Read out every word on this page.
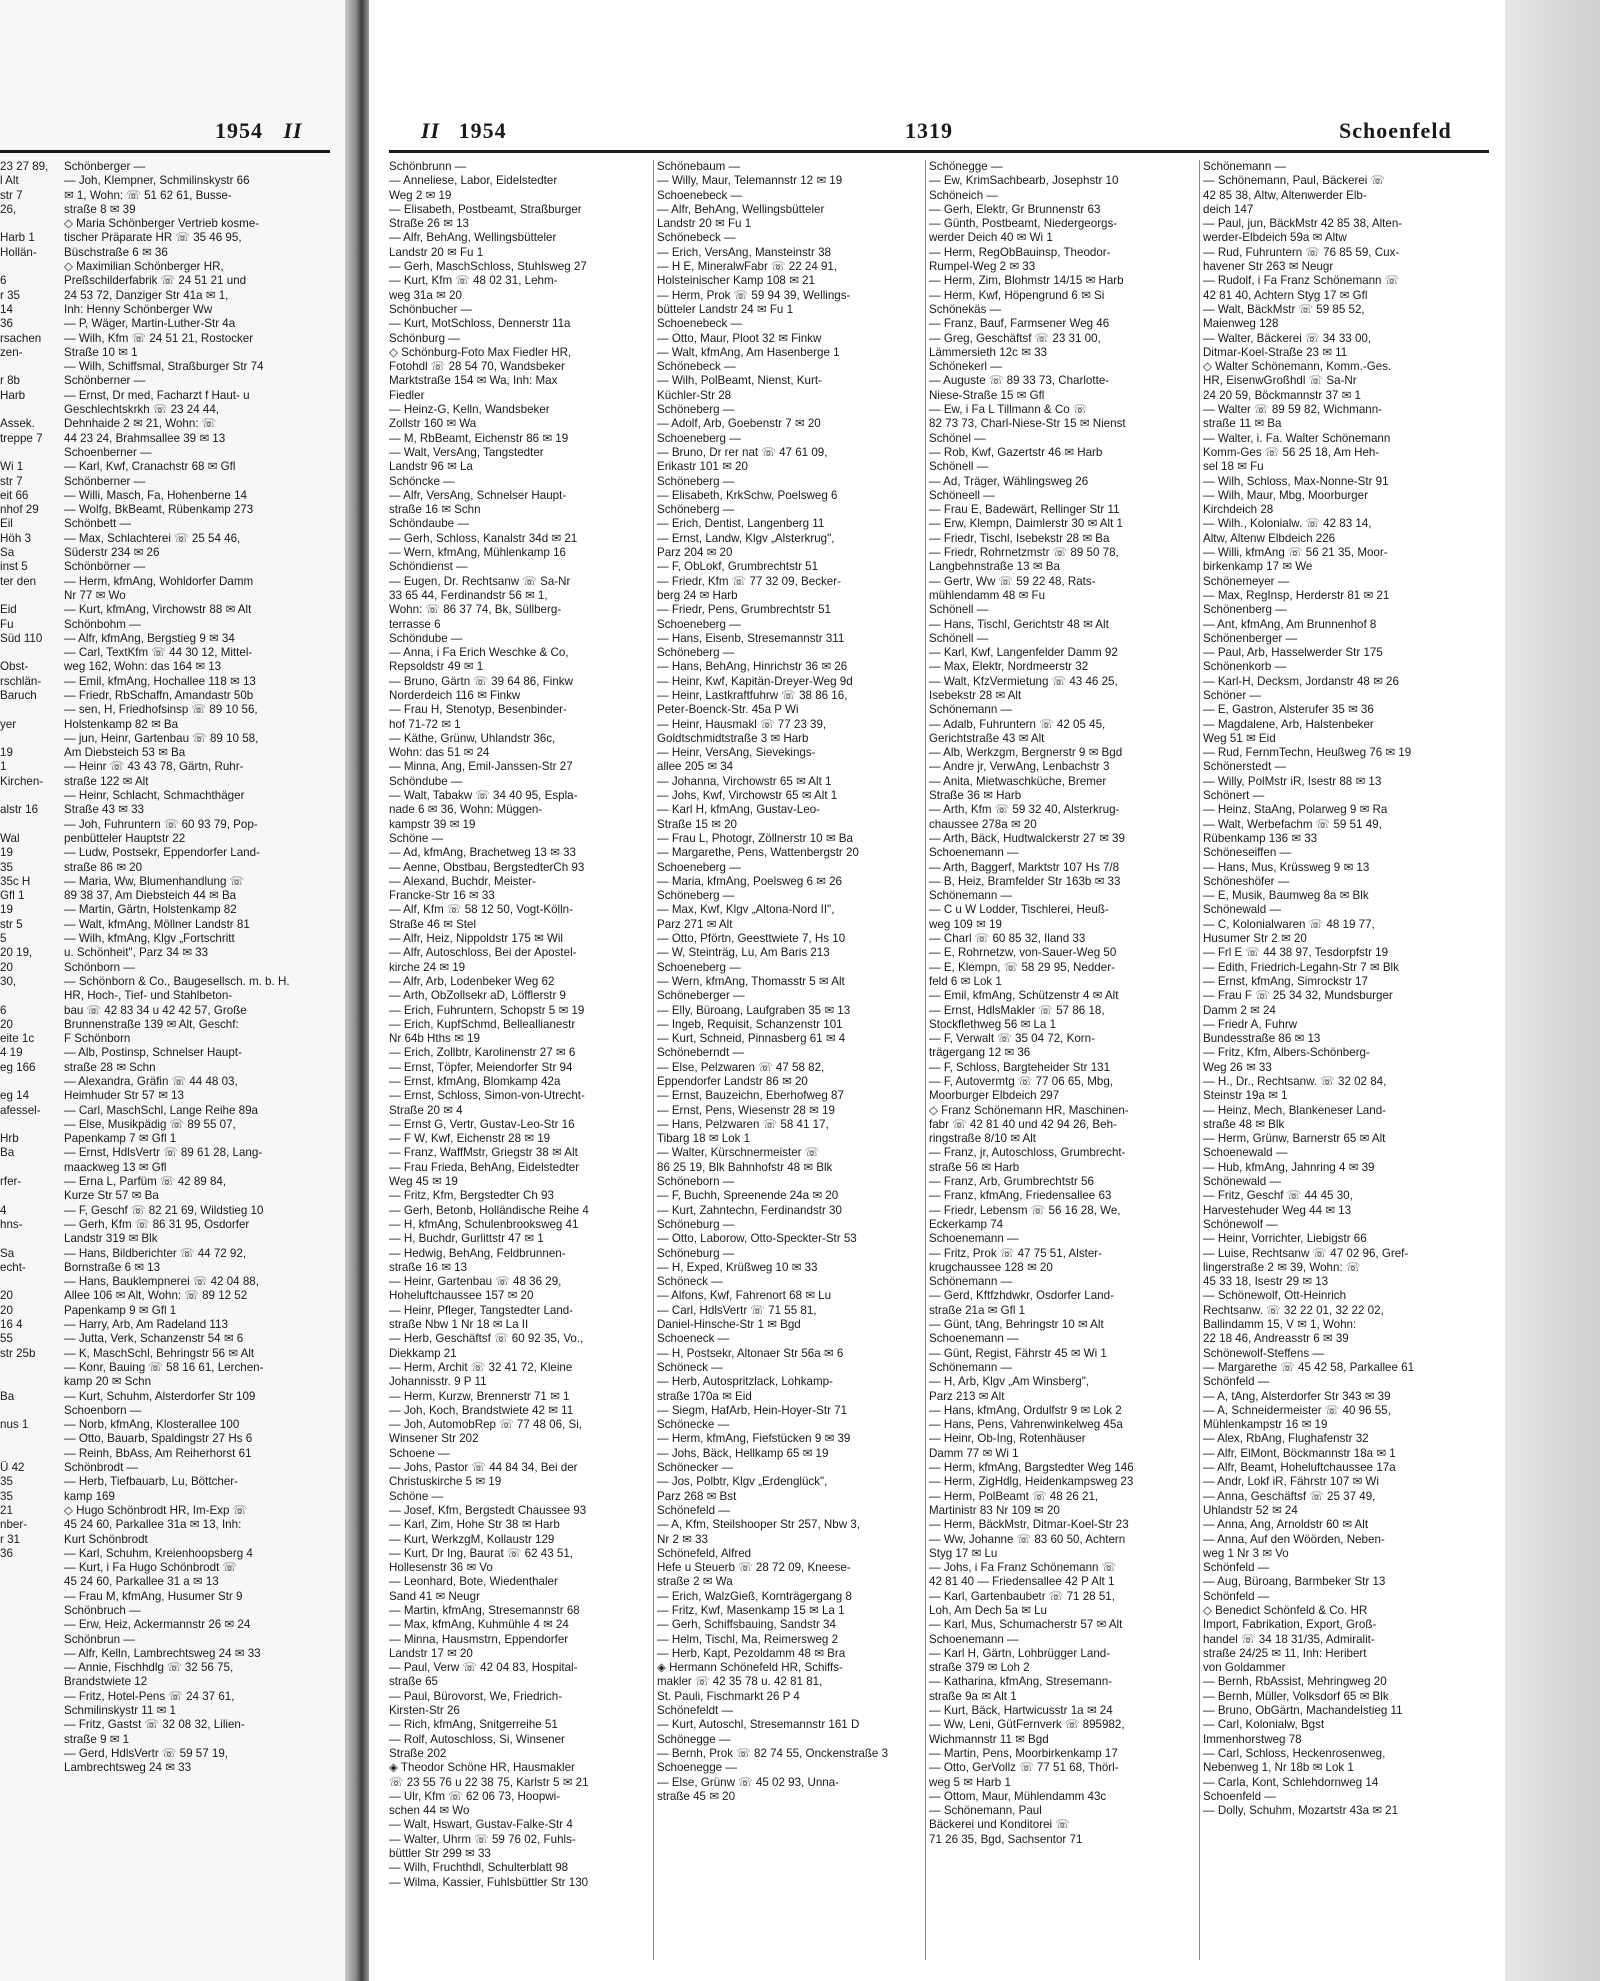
1954 II
23 27 89,
l Alt
str 7
26,

Harb 1
Hollän-

6
r 35
14
36
rsachen
zen-

r 8b
Harb

Assek.
treppe 7

Wi 1
str 7
eit 66
nhof 29
Eil
Höh 3
Sa
inst 5
ter den

Eid
Fu
Süd 110

Obst-
rschlän-
Baruch

yer

19
1
Kirchen-

alstr 16

Wal
19
35
35c H
Gfl 1
19
str 5
5
20 19,
20
30,

6
20
eite 1c
4 19
eg 166

eg 14
afessel-

Hrb
Ba

rfer-

4
hns-

Sa
echt-

20
20
16 4
55
str 25b

Ba

nus 1

Ü 42
35
35
21
nber-
r 31
36
Schönberger —
— Joh, Klempner, Schmilinskystr 66
✉ 1, Wohn: ☏ 51 62 61, Busse-
straße 8 ✉ 39
◇ Maria Schönberger Vertrieb kosme-
tischer Präparate HR ☏ 35 46 95,
Büschstraße 6 ✉ 36
◇ Maximilian Schönberger HR,
Preßschilderfabrik ☏ 24 51 21 und
24 53 72, Danziger Str 41a ✉ 1,
Inh: Henny Schönberger Ww
— P, Wäger, Martin-Luther-Str 4a
— Wilh, Kfm ☏ 24 51 21, Rostocker
Straße 10 ✉ 1
— Wilh, Schiffsmal, Straßburger Str 74
Schönberner —
— Ernst, Dr med, Facharzt f Haut- u
Geschlechtskrkh ☏ 23 24 44,
Dehnhaide 2 ✉ 21, Wohn: ☏
44 23 24, Brahmsallee 39 ✉ 13
Schoenberner —
— Karl, Kwf, Cranachstr 68 ✉ Gfl
Schönberner —
— Willi, Masch, Fa, Hohenberne 14
— Wolfg, BkBeamt, Rübenkamp 273
Schönbett —
— Max, Schlachterei ☏ 25 54 46,
Süderstr 234 ✉ 26
Schönbörner —
— Herm, kfmAng, Wohldorfer Damm
Nr 77 ✉ Wo
— Kurt, kfmAng, Virchowstr 88 ✉ Alt
Schönbohm —
— Alfr, kfmAng, Bergstieg 9 ✉ 34
— Carl, TextKfm ☏ 44 30 12, Mittel-
weg 162, Wohn: das 164 ✉ 13
— Emil, kfmAng, Hochallee 118 ✉ 13
— Friedr, RbSchaffn, Amandastr 50b
— sen, H, Friedhofsinsp ☏ 89 10 56,
Holstenkamp 82 ✉ Ba
— jun, Heinr, Gartenbau ☏ 89 10 58,
Am Diebsteich 53 ✉ Ba
— Heinr ☏ 43 43 78, Gärtn, Ruhr-
straße 122 ✉ Alt
— Heinr, Schlacht, Schmachthäger
Straße 43 ✉ 33
— Joh, Fuhruntern ☏ 60 93 79, Pop-
penbütteler Hauptstr 22
— Ludw, Postsekr, Eppendorfer Land-
straße 86 ✉ 20
— Maria, Ww, Blumenhandlung ☏
89 38 37, Am Diebsteich 44 ✉ Ba
— Martin, Gärtn, Holstenkamp 82
— Walt, kfmAng, Möllner Landstr 81
— Wilh, kfmAng, Klgv „Fortschritt
u. Schönheit", Parz 34 ✉ 33
Schönborn —
— Schönborn & Co., Baugesellsch. m. b. H.
HR, Hoch-, Tief- und Stahlbeton-
bau ☏ 42 83 34 u 42 42 57, Große
Brunnenstraße 139 ✉ Alt, Geschf:
F Schönborn
— Alb, Postinsp, Schnelser Haupt-
straße 28 ✉ Schn
— Alexandra, Gräfin ☏ 44 48 03,
Heimhuder Str 57 ✉ 13
— Carl, MaschSchl, Lange Reihe 89a
— Else, Musikpädig ☏ 89 55 07,
Papenkamp 7 ✉ Gfl 1
— Ernst, HdlsVertr ☏ 89 61 28, Lang-
maackweg 13 ✉ Gfl
— Erna L, Parfüm ☏ 42 89 84,
Kurze Str 57 ✉ Ba
— F, Geschf ☏ 82 21 69, Wildstieg 10
— Gerh, Kfm ☏ 86 31 95, Osdorfer
Landstr 319 ✉ Blk
— Hans, Bildberichter ☏ 44 72 92,
Bornstraße 6 ✉ 13
— Hans, Bauklempnerei ☏ 42 04 88,
Allee 106 ✉ Alt, Wohn: ☏ 89 12 52
Papenkamp 9 ✉ Gfl 1
— Harry, Arb, Am Radeland 113
— Jutta, Verk, Schanzenstr 54 ✉ 6
— K, MaschSchl, Behringstr 56 ✉ Alt
— Konr, Bauing ☏ 58 16 61, Lerchen-
kamp 20 ✉ Schn
— Kurt, Schuhm, Alsterdorfer Str 109
Schoenborn —
— Norb, kfmAng, Klosterallee 100
— Otto, Bauarb, Spaldingstr 27 Hs 6
— Reinh, BbAss, Am Reiherhorst 61
Schönbrodt —
— Herb, Tiefbauarb, Lu, Böttcher-
kamp 169
◇ Hugo Schönbrodt HR, Im-Exp ☏
45 24 60, Parkallee 31a ✉ 13, Inh:
Kurt Schönbrodt
— Karl, Schuhm, Kreienhoopsberg 4
— Kurt, i Fa Hugo Schönbrodt ☏
45 24 60, Parkallee 31 a ✉ 13
— Frau M, kfmAng, Husumer Str 9
Schönbruch —
— Erw, Heiz, Ackermannstr 26 ✉ 24
Schönbrun —
— Alfr, Kelln, Lambrechtsweg 24 ✉ 33
— Annie, Fischhdlg ☏ 32 56 75,
Brandstwiete 12
— Fritz, Hotel-Pens ☏ 24 37 61,
Schmilinskystr 11 ✉ 1
— Fritz, Gastst ☏ 32 08 32, Lilien-
straße 9 ✉ 1
— Gerd, HdlsVertr ☏ 59 57 19,
Lambrechtsweg 24 ✉ 33
II 1954	1319	Schoenfeld
Schönbrunn —
— Anneliese, Labor, Eidelstedter
Weg 2 ✉ 19
— Elisabeth, Postbeamt, Straßburger
Straße 26 ✉ 13
— Alfr, BehAng, Wellingsbütteler
Landstr 20 ✉ Fu 1
— Gerh, MaschSchloss, Stuhlsweg 27
— Kurt, Kfm ☏ 48 02 31, Lehm-
weg 31a ✉ 20
Schönbucher —
— Kurt, MotSchloss, Dennerstr 11a
Schönburg —
◇ Schönburg-Foto Max Fiedler HR,
Fotohdl ☏ 28 54 70, Wandsbeker
Marktstraße 154 ✉ Wa, Inh: Max
Fiedler
— Heinz-G, Kelln, Wandsbeker
Zollstr 160 ✉ Wa
— M, RbBeamt, Eichenstr 86 ✉ 19
— Walt, VersAng, Tangstedter
Landstr 96 ✉ La
Schöncke —
— Alfr, VersAng, Schnelser Haupt-
straße 16 ✉ Schn
Schöndaube —
— Gerh, Schloss, Kanalstr 34d ✉ 21
— Wern, kfmAng, Mühlenkamp 16
Schöndienst —
— Eugen, Dr. Rechtsanw ☏ Sa-Nr
33 65 44, Ferdinandstr 56 ✉ 1,
Wohn: ☏ 86 37 74, Bk, Süllberg-
terrasse 6
Schöndube —
— Anna, i Fa Erich Weschke & Co,
Repsoldstr 49 ✉ 1
— Bruno, Gärtn ☏ 39 64 86, Finkw
Norderdeich 116 ✉ Finkw
— Frau H, Stenotyp, Besenbinder-
hof 71-72 ✉ 1
— Käthe, Grünw, Uhlandstr 36c,
Wohn: das 51 ✉ 24
— Minna, Ang, Emil-Janssen-Str 27
Schöndube —
— Walt, Tabakw ☏ 34 40 95, Espla-
nade 6 ✉ 36, Wohn: Müggen-
kampstr 39 ✉ 19
Schöne —
— Ad, kfmAng, Brachetweg 13 ✉ 33
— Aenne, Obstbau, BergstedterCh 93
— Alexand, Buchdr, Meister-
Francke-Str 16 ✉ 33
— Alf, Kfm ☏ 58 12 50, Vogt-Kölln-
Straße 46 ✉ Stel
— Alfr, Heiz, Nippoldstr 175 ✉ Wil
— Alfr, Autoschloss, Bei der Apostel-
kirche 24 ✉ 19
— Alfr, Arb, Lodenbeker Weg 62
— Arth, ObZollsekr aD, Löfflerstr 9
— Erich, Fuhruntern, Schopstr 5 ✉ 19
— Erich, KupfSchmd, Belleallianestr
Nr 64b Hths ✉ 19
— Erich, Zollbtr, Karolinenstr 27 ✉ 6
— Ernst, Töpfer, Meiendorfer Str 94
— Ernst, kfmAng, Blomkamp 42a
— Ernst, Schloss, Simon-von-Utrecht-
Straße 20 ✉ 4
— Ernst G, Vertr, Gustav-Leo-Str 16
— F W, Kwf, Eichenstr 28 ✉ 19
— Franz, WaffMstr, Griegstr 38 ✉ Alt
— Frau Frieda, BehAng, Eidelstedter
Weg 45 ✉ 19
— Fritz, Kfm, Bergstedter Ch 93
— Gerh, Betonb, Holländische Reihe 4
— H, kfmAng, Schulenbrooksweg 41
— H, Buchdr, Gurlittstr 47 ✉ 1
— Hedwig, BehAng, Feldbrunnen-
straße 16 ✉ 13
— Heinr, Gartenbau ☏ 48 36 29,
Hoheluftchaussee 157 ✉ 20
— Heinr, Pfleger, Tangstedter Land-
straße Nbw 1 Nr 18 ✉ La II
— Herb, Geschäftsf ☏ 60 92 35, Vo.,
Diekkamp 21
— Herm, Archit ☏ 32 41 72, Kleine
Johannisstr. 9 P 11
— Herm, Kurzw, Brennerstr 71 ✉ 1
— Joh, Koch, Brandstwiete 42 ✉ 11
— Joh, AutomobRep ☏ 77 48 06, Si,
Winsener Str 202
Schoene —
— Johs, Pastor ☏ 44 84 34, Bei der
Christuskirche 5 ✉ 19
Schöne —
— Josef, Kfm, Bergstedt Chaussee 93
— Karl, Zim, Hohe Str 38 ✉ Harb
— Kurt, WerkzgM, Kollaustr 129
— Kurt, Dr Ing, Baurat ☏ 62 43 51,
Hollesenstr 36 ✉ Vo
— Leonhard, Bote, Wiedenthaler
Sand 41 ✉ Neugr
— Martin, kfmAng, Stresemannstr 68
— Max, kfmAng, Kuhmühle 4 ✉ 24
— Minna, Hausmstrn, Eppendorfer
Landstr 17 ✉ 20
— Paul, Verw ☏ 42 04 83, Hospital-
straße 65
— Paul, Bürovorst, We, Friedrich-
Kirsten-Str 26
— Rich, kfmAng, Snitgerreihe 51
— Rolf, Autoschloss, Si, Winsener
Straße 202
◈ Theodor Schöne HR, Hausmakler
☏ 23 55 76 u 22 38 75, Karlstr 5 ✉ 21
— Ulr, Kfm ☏ 62 06 73, Hoopwi-
schen 44 ✉ Wo
— Walt, Hswart, Gustav-Falke-Str 4
— Walter, Uhrm ☏ 59 76 02, Fuhls-
büttler Str 299 ✉ 33
— Wilh, Fruchthdl, Schulterblatt 98
— Wilma, Kassier, Fuhlsbüttler Str 130
Schönebaum —
— Willy, Maur, Telemannstr 12 ✉ 19
Schoenebeck —
— Alfr, BehAng, Wellingsbütteler
Landstr 20 ✉ Fu 1
Schönebeck —
— Erich, VersAng, Mansteinstr 38
— H E, MineralwFabr ☏ 22 24 91,
Holsteinischer Kamp 108 ✉ 21
— Herm, Prok ☏ 59 94 39, Wellings-
bütteler Landstr 24 ✉ Fu 1
Schoenebeck —
— Otto, Maur, Ploot 32 ✉ Finkw
— Walt, kfmAng, Am Hasenberge 1
Schönebeck —
— Wilh, PolBeamt, Nienst, Kurt-
Küchler-Str 28
Schöneberg —
— Adolf, Arb, Goebenstr 7 ✉ 20
Schoeneberg —
— Bruno, Dr rer nat ☏ 47 61 09,
Erikastr 101 ✉ 20
Schöneberg —
— Elisabeth, KrkSchw, Poelsweg 6
Schöneberg —
— Erich, Dentist, Langenberg 11
— Ernst, Landw, Klgv „Alsterkrug",
Parz 204 ✉ 20
— F, ObLokf, Grumbrechtstr 51
— Friedr, Kfm ☏ 77 32 09, Becker-
berg 24 ✉ Harb
— Friedr, Pens, Grumbrechtstr 51
Schoeneberg —
— Hans, Eisenb, Stresemannstr 311
Schöneberg —
— Hans, BehAng, Hinrichstr 36 ✉ 26
— Heinr, Kwf, Kapitän-Dreyer-Weg 9d
— Heinr, Lastkraftfuhrw ☏ 38 86 16,
Peter-Boenck-Str. 45a P Wi
— Heinr, Hausmakl ☏ 77 23 39,
Goldtschmidtstraße 3 ✉ Harb
— Heinr, VersAng, Sievekings-
allee 205 ✉ 34
— Johanna, Virchowstr 65 ✉ Alt 1
— Johs, Kwf, Virchowstr 65 ✉ Alt 1
— Karl H, kfmAng, Gustav-Leo-
Straße 15 ✉ 20
— Frau L, Photogr, Zöllnerstr 10 ✉ Ba
— Margarethe, Pens, Wattenbergstr 20
Schoeneberg —
— Maria, kfmAng, Poelsweg 6 ✉ 26
Schöneberg —
— Max, Kwf, Klgv „Altona-Nord II",
Parz 271 ✉ Alt
— Otto, Pförtn, Geesttwiete 7, Hs 10
— W, Steinträg, Lu, Am Baris 213
Schoeneberg —
— Wern, kfmAng, Thomasstr 5 ✉ Alt
Schöneberger —
— Elly, Büroang, Laufgraben 35 ✉ 13
— Ingeb, Requisit, Schanzenstr 101
— Kurt, Schneid, Pinnasberg 61 ✉ 4
Schöneberndt —
— Else, Pelzwaren ☏ 47 58 82,
Eppendorfer Landstr 86 ✉ 20
— Ernst, Bauzeichn, Eberhofweg 87
— Ernst, Pens, Wiesenstr 28 ✉ 19
— Hans, Pelzwaren ☏ 58 41 17,
Tibarg 18 ✉ Lok 1
— Walter, Kürschnermeister ☏
86 25 19, Blk Bahnhofstr 48 ✉ Blk
Schöneborn —
— F, Buchh, Spreenende 24a ✉ 20
— Kurt, Zahntechn, Ferdinandstr 30
Schöneburg —
— Otto, Laborow, Otto-Speckter-Str 53
Schöneburg —
— H, Exped, Krüßweg 10 ✉ 33
Schöneck —
— Alfons, Kwf, Fahrenort 68 ✉ Lu
— Carl, HdlsVertr ☏ 71 55 81,
Daniel-Hinsche-Str 1 ✉ Bgd
Schoeneck —
— H, Postsekr, Altonaer Str 56a ✉ 6
Schöneck —
— Herb, Autospritzlack, Lohkamp-
straße 170a ✉ Eid
— Siegm, HafArb, Hein-Hoyer-Str 71
Schönecke —
— Herm, kfmAng, Fiefstücken 9 ✉ 39
— Johs, Bäck, Hellkamp 65 ✉ 19
Schönecker —
— Jos, Polbtr, Klgv „Erdenglück",
Parz 268 ✉ Bst
Schönefeld —
— A, Kfm, Steilshooper Str 257, Nbw 3,
Nr 2 ✉ 33
Schönefeld, Alfred
Hefe u Steuerb ☏ 28 72 09, Kneese-
straße 2 ✉ Wa
— Erich, WalzGieß, Kornträgergang 8
— Fritz, Kwf, Masenkamp 15 ✉ La 1
— Gerh, Schiffsbauing, Sandstr 34
— Helm, Tischl, Ma, Reimersweg 2
— Herb, Kapt, Pezoldamm 48 ✉ Bra
◈ Hermann Schönefeld HR, Schiffs-
makler ☏ 42 35 78 u. 42 81 81,
St. Pauli, Fischmarkt 26 P 4
Schönefeldt —
— Kurt, Autoschl, Stresemannstr 161 D
Schönegge —
— Bernh, Prok ☏ 82 74 55, Onckenstraße 3
Schoenegge —
— Else, Grünw ☏ 45 02 93, Unna-
straße 45 ✉ 20
Schönegge —
— Ew, KrimSachbearb, Josephstr 10
Schöneich —
— Gerh, Elektr, Gr Brunnenstr 63
— Günth, Postbeamt, Niedergeorgs-
werder Deich 40 ✉ Wi 1
— Herm, RegObBauinsp, Theodor-
Rumpel-Weg 2 ✉ 33
— Herm, Zim, Blohmstr 14/15 ✉ Harb
— Herm, Kwf, Höpengrund 6 ✉ Si
Schönekäs —
— Franz, Bauf, Farmsener Weg 46
— Greg, Geschäftsf ☏ 23 31 00,
Lämmersieth 12c ✉ 33
Schönekerl —
— Auguste ☏ 89 33 73, Charlotte-
Niese-Straße 15 ✉ Gfl
— Ew, i Fa L Tillmann & Co ☏
82 73 73, Charl-Niese-Str 15 ✉ Nienst
Schönel —
— Rob, Kwf, Gazertstr 46 ✉ Harb
Schönell —
— Ad, Träger, Wählingsweg 26
Schöneell —
— Frau E, Badewärt, Rellinger Str 11
— Erw, Klempn, Daimlerstr 30 ✉ Alt 1
— Friedr, Tischl, Isebekstr 28 ✉ Ba
— Friedr, Rohrnetzmstr ☏ 89 50 78,
Langbehnstraße 13 ✉ Ba
— Gertr, Ww ☏ 59 22 48, Rats-
mühlendamm 48 ✉ Fu
Schönell —
— Hans, Tischl, Gerichtstr 48 ✉ Alt
Schönell —
— Karl, Kwf, Langenfelder Damm 92
— Max, Elektr, Nordmeerstr 32
— Walt, KfzVermietung ☏ 43 46 25,
Isebekstr 28 ✉ Alt
Schönemann —
— Adalb, Fuhruntern ☏ 42 05 45,
Gerichtstraße 43 ✉ Alt
— Alb, Werkzgm, Bergnerstr 9 ✉ Bgd
— Andre jr, VerwAng, Lenbachstr 3
— Anita, Mietwaschküche, Bremer
Straße 36 ✉ Harb
— Arth, Kfm ☏ 59 32 40, Alsterkrug-
chaussee 278a ✉ 20
— Arth, Bäck, Hudtwalckerstr 27 ✉ 39
Schoenemann —
— Arth, Baggerf, Marktstr 107 Hs 7/8
— B, Heiz, Bramfelder Str 163b ✉ 33
Schönemann —
— C u W Lodder, Tischlerei, Heuß-
weg 109 ✉ 19
— Charl ☏ 60 85 32, Iland 33
— E, Rohrnetzw, von-Sauer-Weg 50
— E, Klempn, ☏ 58 29 95, Nedder-
feld 6 ✉ Lok 1
— Emil, kfmAng, Schützenstr 4 ✉ Alt
— Ernst, HdlsMakler ☏ 57 86 18,
Stockflethweg 56 ✉ La 1
— F, Verwalt ☏ 35 04 72, Korn-
trägergang 12 ✉ 36
— F, Schloss, Bargteheider Str 131
— F, Autovermtg ☏ 77 06 65, Mbg,
Moorburger Elbdeich 297
◇ Franz Schönemann HR, Maschinen-
fabr ☏ 42 81 40 und 42 94 26, Beh-
ringstraße 8/10 ✉ Alt
— Franz, jr, Autoschloss, Grumbrecht-
straße 56 ✉ Harb
— Franz, Arb, Grumbrechtstr 56
— Franz, kfmAng, Friedensallee 63
— Friedr, Lebensm ☏ 56 16 28, We,
Eckerkamp 74
Schoenemann —
— Fritz, Prok ☏ 47 75 51, Alster-
krugchaussee 128 ✉ 20
Schönemann —
— Gerd, Kftfzhdwkr, Osdorfer Land-
straße 21a ✉ Gfl 1
— Günt, tAng, Behringstr 10 ✉ Alt
Schoenemann —
— Günt, Regist, Fährstr 45 ✉ Wi 1
Schönemann —
— H, Arb, Klgv „Am Winsberg",
Parz 213 ✉ Alt
— Hans, kfmAng, Ordulfstr 9 ✉ Lok 2
— Hans, Pens, Vahrenwinkelweg 45a
— Heinr, Ob-Ing, Rotenhäuser
Damm 77 ✉ Wi 1
— Herm, kfmAng, Bargstedter Weg 146
— Herm, ZigHdlg, Heidenkampsweg 23
— Herm, PolBeamt ☏ 48 26 21,
Martinistr 83 Nr 109 ✉ 20
— Herm, BäckMstr, Ditmar-Koel-Str 23
— Ww, Johanne ☏ 83 60 50, Achtern
Styg 17 ✉ Lu
— Johs, i Fa Franz Schönemann ☏
42 81 40 — Friedensallee 42 P Alt 1
— Karl, Gartenbaubetr ☏ 71 28 51,
Loh, Am Dech 5a ✉ Lu
— Karl, Mus, Schumacherstr 57 ✉ Alt
Schoenemann —
— Karl H, Gärtn, Lohbrügger Land-
straße 379 ✉ Loh 2
— Katharina, kfmAng, Stresemann-
straße 9a ✉ Alt 1
— Kurt, Bäck, Hartwicusstr 1a ✉ 24
— Ww, Leni, GütFernverk ☏ 895982,
Wichmannstr 11 ✉ Bgd
— Martin, Pens, Moorbirkenkamp 17
— Otto, GerVollz ☏ 77 51 68, Thörl-
weg 5 ✉ Harb 1
— Ottom, Maur, Mühlendamm 43c
— Schönemann, Paul
Bäckerei und Konditorei ☏
71 26 35, Bgd, Sachsentor 71
Schönemann —
— Schönemann, Paul, Bäckerei ☏
42 85 38, Altw, Altenwerder Elb-
deich 147
— Paul, jun, BäckMstr 42 85 38, Alten-
werder-Elbdeich 59a ✉ Altw
— Rud, Fuhruntern ☏ 76 85 59, Cux-
havener Str 263 ✉ Neugr
— Rudolf, i Fa Franz Schönemann ☏
42 81 40, Achtern Styg 17 ✉ Gfl
— Walt, BäckMstr ☏ 59 85 52,
Maienweg 128
— Walter, Bäckerei ☏ 34 33 00,
Ditmar-Koel-Straße 23 ✉ 11
◇ Walter Schönemann, Komm.-Ges.
HR, EisenwGroßhdl ☏ Sa-Nr
24 20 59, Böckmannstr 37 ✉ 1
— Walter ☏ 89 59 82, Wichmann-
straße 11 ✉ Ba
— Walter, i. Fa. Walter Schönemann
Komm-Ges ☏ 56 25 18, Am Heh-
sel 18 ✉ Fu
— Wilh, Schloss, Max-Nonne-Str 91
— Wilh, Maur, Mbg, Moorburger
Kirchdeich 28
— Wilh., Kolonialw. ☏ 42 83 14,
Altw, Altenw Elbdeich 226
— Willi, kfmAng ☏ 56 21 35, Moor-
birkenkamp 17 ✉ We
Schönemeyer —
— Max, RegInsp, Herderstr 81 ✉ 21
Schönenberg —
— Ant, kfmAng, Am Brunnenhof 8
Schönenberger —
— Paul, Arb, Hasselwerder Str 175
Schönenkorb —
— Karl-H, Decksm, Jordanstr 48 ✉ 26
Schöner —
— E, Gastron, Alsterufer 35 ✉ 36
— Magdalene, Arb, Halstenbeker
Weg 51 ✉ Eid
— Rud, FernmTechn, Heußweg 76 ✉ 19
Schönerstedt —
— Willy, PolMstr iR, Isestr 88 ✉ 13
Schönert —
— Heinz, StaAng, Polarweg 9 ✉ Ra
— Walt, Werbefachm ☏ 59 51 49,
Rübenkamp 136 ✉ 33
Schöneseiffen —
— Hans, Mus, Krüssweg 9 ✉ 13
Schöneshöfer —
— E, Musik, Baumweg 8a ✉ Blk
Schönewald —
— C, Kolonialwaren ☏ 48 19 77,
Husumer Str 2 ✉ 20
— Frl E ☏ 44 38 97, Tesdorpfstr 19
— Edith, Friedrich-Legahn-Str 7 ✉ Blk
— Ernst, kfmAng, Simrockstr 17
— Frau F ☏ 25 34 32, Mundsburger
Damm 2 ✉ 24
— Friedr A, Fuhrw
Bundesstraße 86 ✉ 13
— Fritz, Kfm, Albers-Schönberg-
Weg 26 ✉ 33
— H., Dr., Rechtsanw. ☏ 32 02 84,
Steinstr 19a ✉ 1
— Heinz, Mech, Blankeneser Land-
straße 48 ✉ Blk
— Herm, Grünw, Barnerstr 65 ✉ Alt
Schoenewald —
— Hub, kfmAng, Jahnring 4 ✉ 39
Schönewald —
— Fritz, Geschf ☏ 44 45 30,
Harvestehuder Weg 44 ✉ 13
Schönewolf —
— Heinr, Vorrichter, Liebigstr 66
— Luise, Rechtsanw ☏ 47 02 96, Gref-
lingerstraße 2 ✉ 39, Wohn: ☏
45 33 18, Isestr 29 ✉ 13
— Schönewolf, Ott-Heinrich
Rechtsanw. ☏ 32 22 01, 32 22 02,
Ballindamm 15, V ✉ 1, Wohn:
22 18 46, Andreasstr 6 ✉ 39
Schönewolf-Steffens —
— Margarethe ☏ 45 42 58, Parkallee 61
Schönfeld —
— A, tAng, Alsterdorfer Str 343 ✉ 39
— A, Schneidermeister ☏ 40 96 55,
Mühlenkampstr 16 ✉ 19
— Alex, RbAng, Flughafenstr 32
— Alfr, ElMont, Böckmannstr 18a ✉ 1
— Alfr, Beamt, Hoheluftchaussee 17a
— Andr, Lokf iR, Fährstr 107 ✉ Wi
— Anna, Geschäftsf ☏ 25 37 49,
Uhlandstr 52 ✉ 24
— Anna, Ang, Arnoldstr 60 ✉ Alt
— Anna, Auf den Wöörden, Neben-
weg 1 Nr 3 ✉ Vo
Schönfeld —
— Aug, Büroang, Barmbeker Str 13
Schönfeld —
◇ Benedict Schönfeld & Co. HR
Import, Fabrikation, Export, Groß-
handel ☏ 34 18 31/35, Admiralit-
straße 24/25 ✉ 11, Inh: Heribert
von Goldammer
— Bernh, RbAssist, Mehringweg 20
— Bernh, Müller, Volksdorf 65 ✉ Blk
— Bruno, ObGärtn, Machandelstieg 11
— Carl, Kolonialw, Bgst
Immenhorstweg 78
— Carl, Schloss, Heckenrosenweg,
Nebenweg 1, Nr 18b ✉ Lok 1
— Carla, Kont, Schlehdornweg 14
Schoenfeld —
— Dolly, Schuhm, Mozartstr 43a ✉ 21
